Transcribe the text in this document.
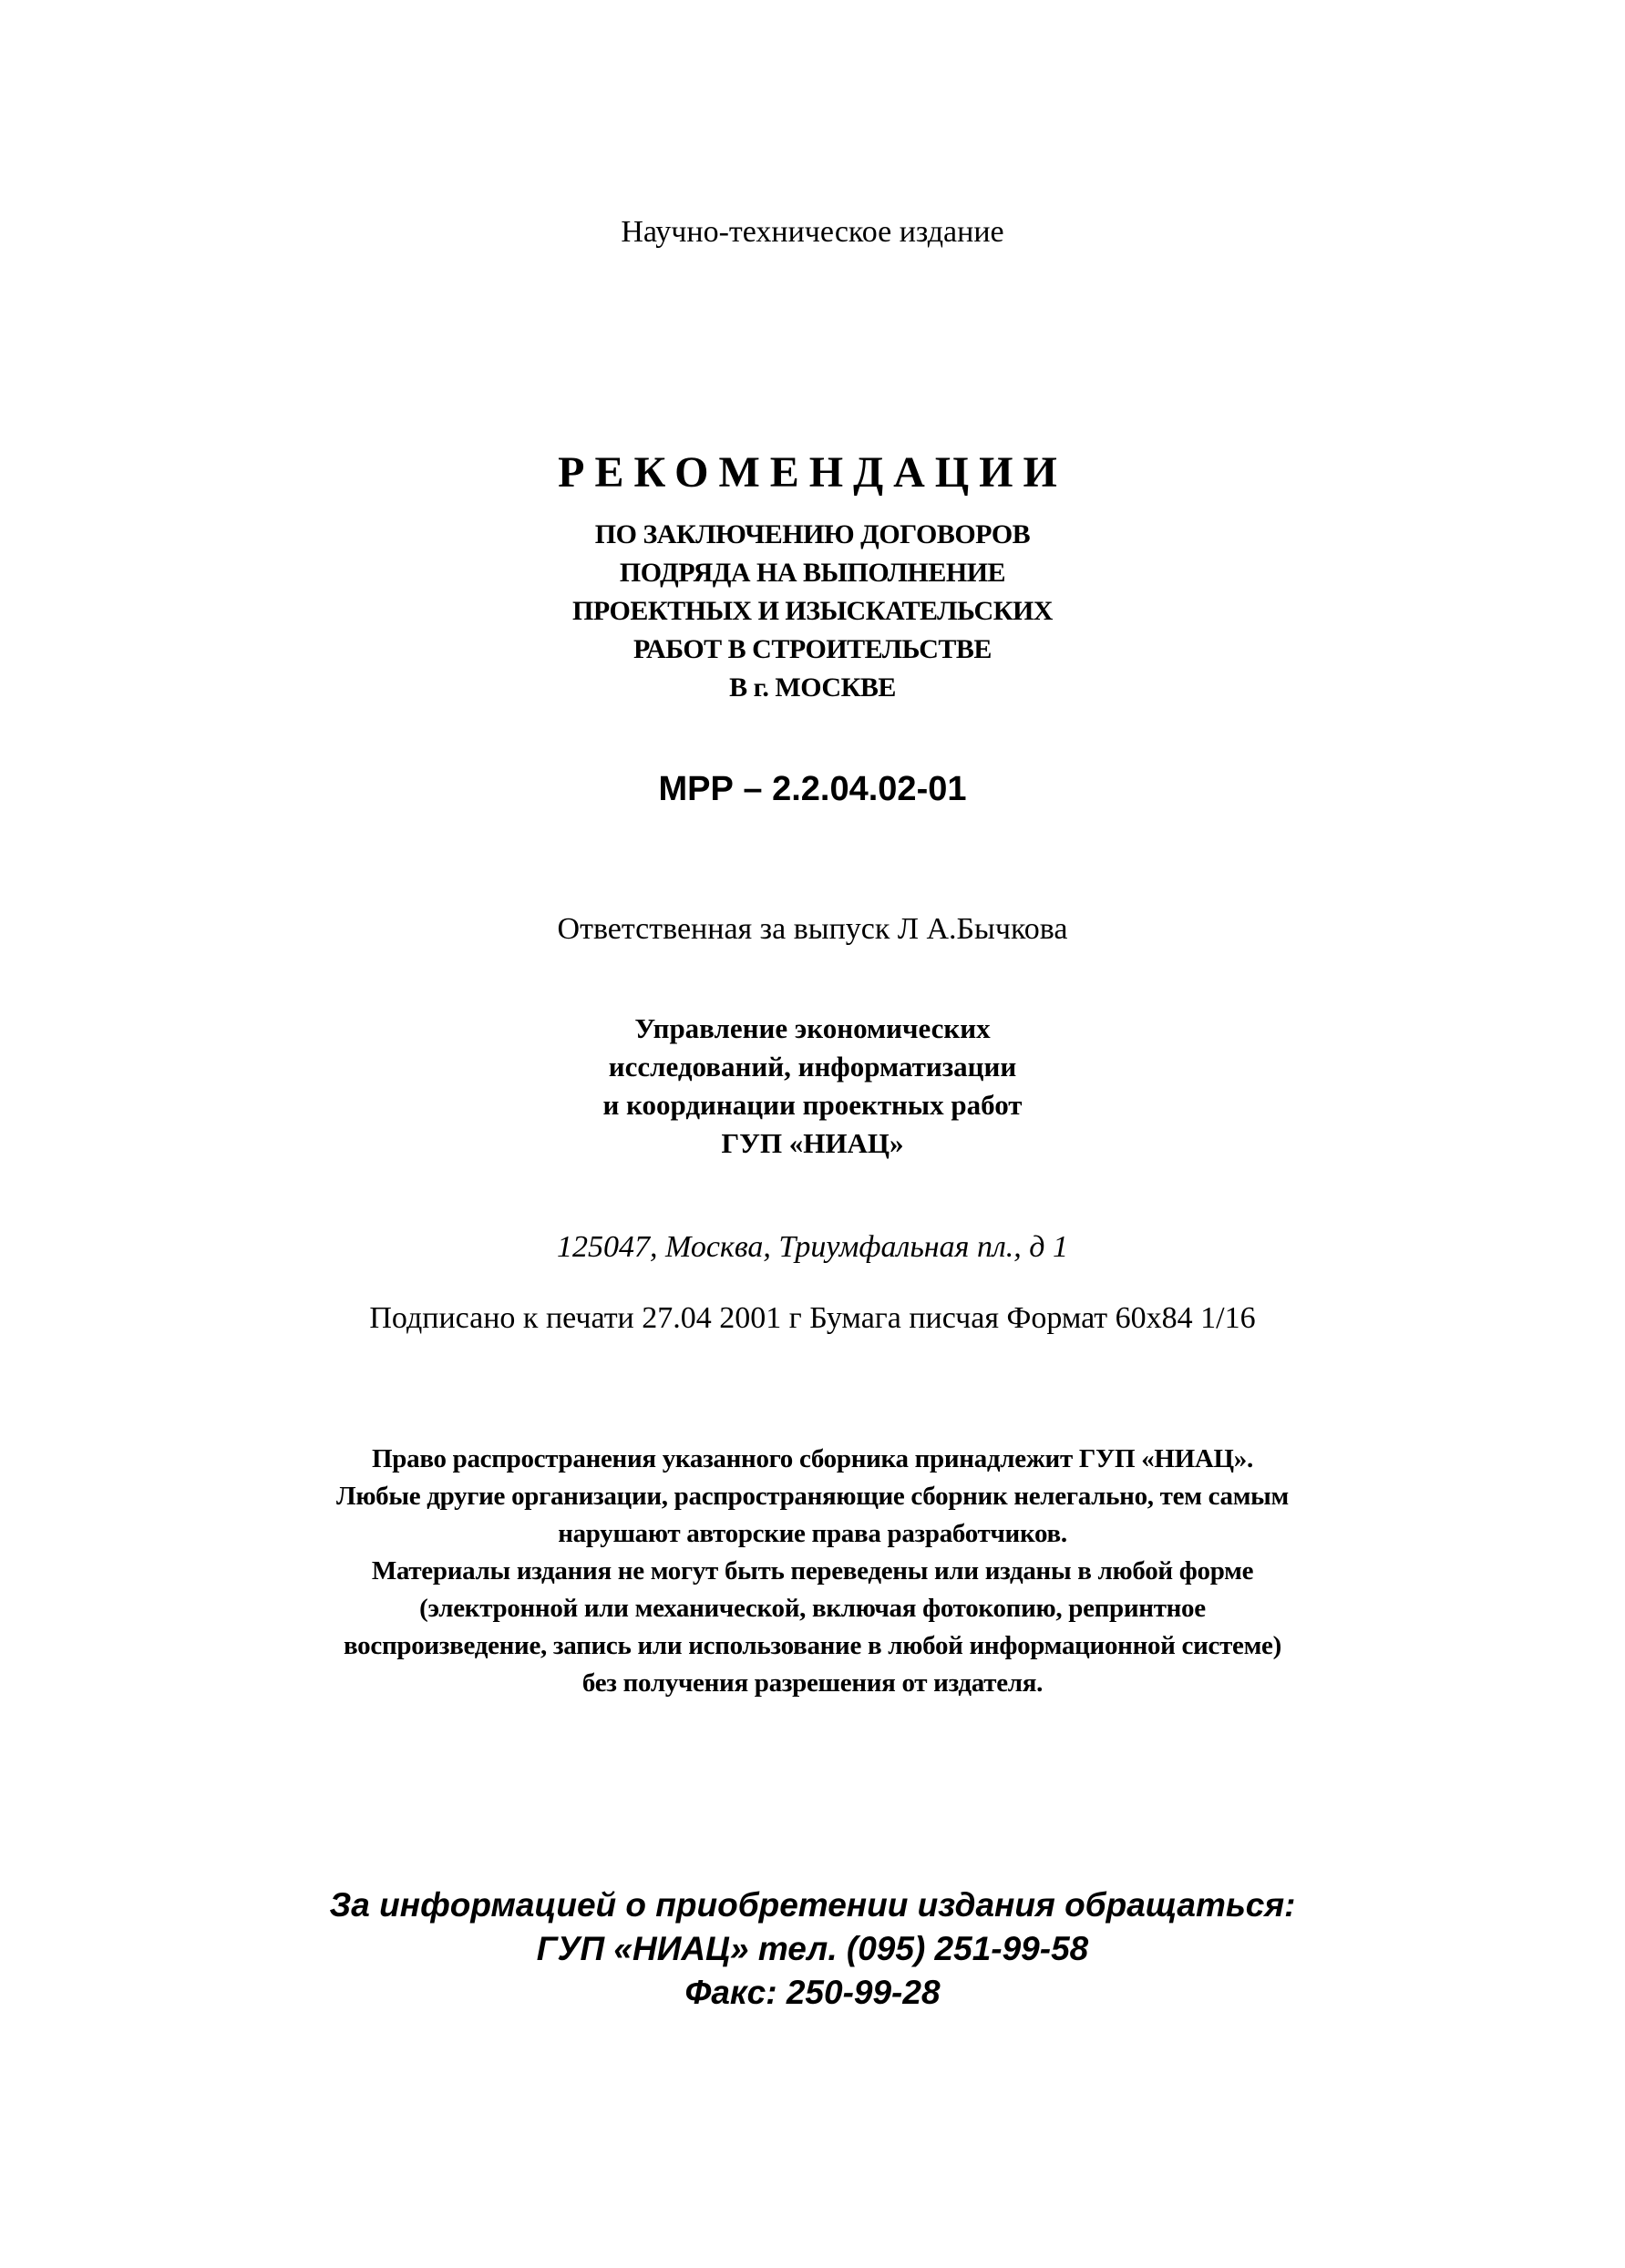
Научно-техническое издание
РЕКОМЕНДАЦИИ
ПО ЗАКЛЮЧЕНИЮ ДОГОВОРОВ
ПОДРЯДА НА ВЫПОЛНЕНИЕ
ПРОЕКТНЫХ И ИЗЫСКАТЕЛЬСКИХ
РАБОТ В СТРОИТЕЛЬСТВЕ
В г. МОСКВЕ
МРР – 2.2.04.02-01
Ответственная за выпуск Л А.Бычкова
Управление экономических
исследований, информатизации
и координации проектных работ
ГУП «НИАЦ»
125047, Москва, Триумфальная пл., д 1
Подписано к печати 27.04 2001 г Бумага писчая Формат 60х84 1/16
Право распространения указанного сборника принадлежит ГУП «НИАЦ».
Любые другие организации, распространяющие сборник нелегально, тем самым
нарушают авторские права разработчиков.
Материалы издания не могут быть переведены или изданы в любой форме
(электронной или механической, включая фотокопию, репринтное
воспроизведение, запись или использование в любой информационной системе)
без получения разрешения от издателя.
За информацией о приобретении издания обращаться:
ГУП «НИАЦ» тел. (095) 251-99-58
Факс: 250-99-28
